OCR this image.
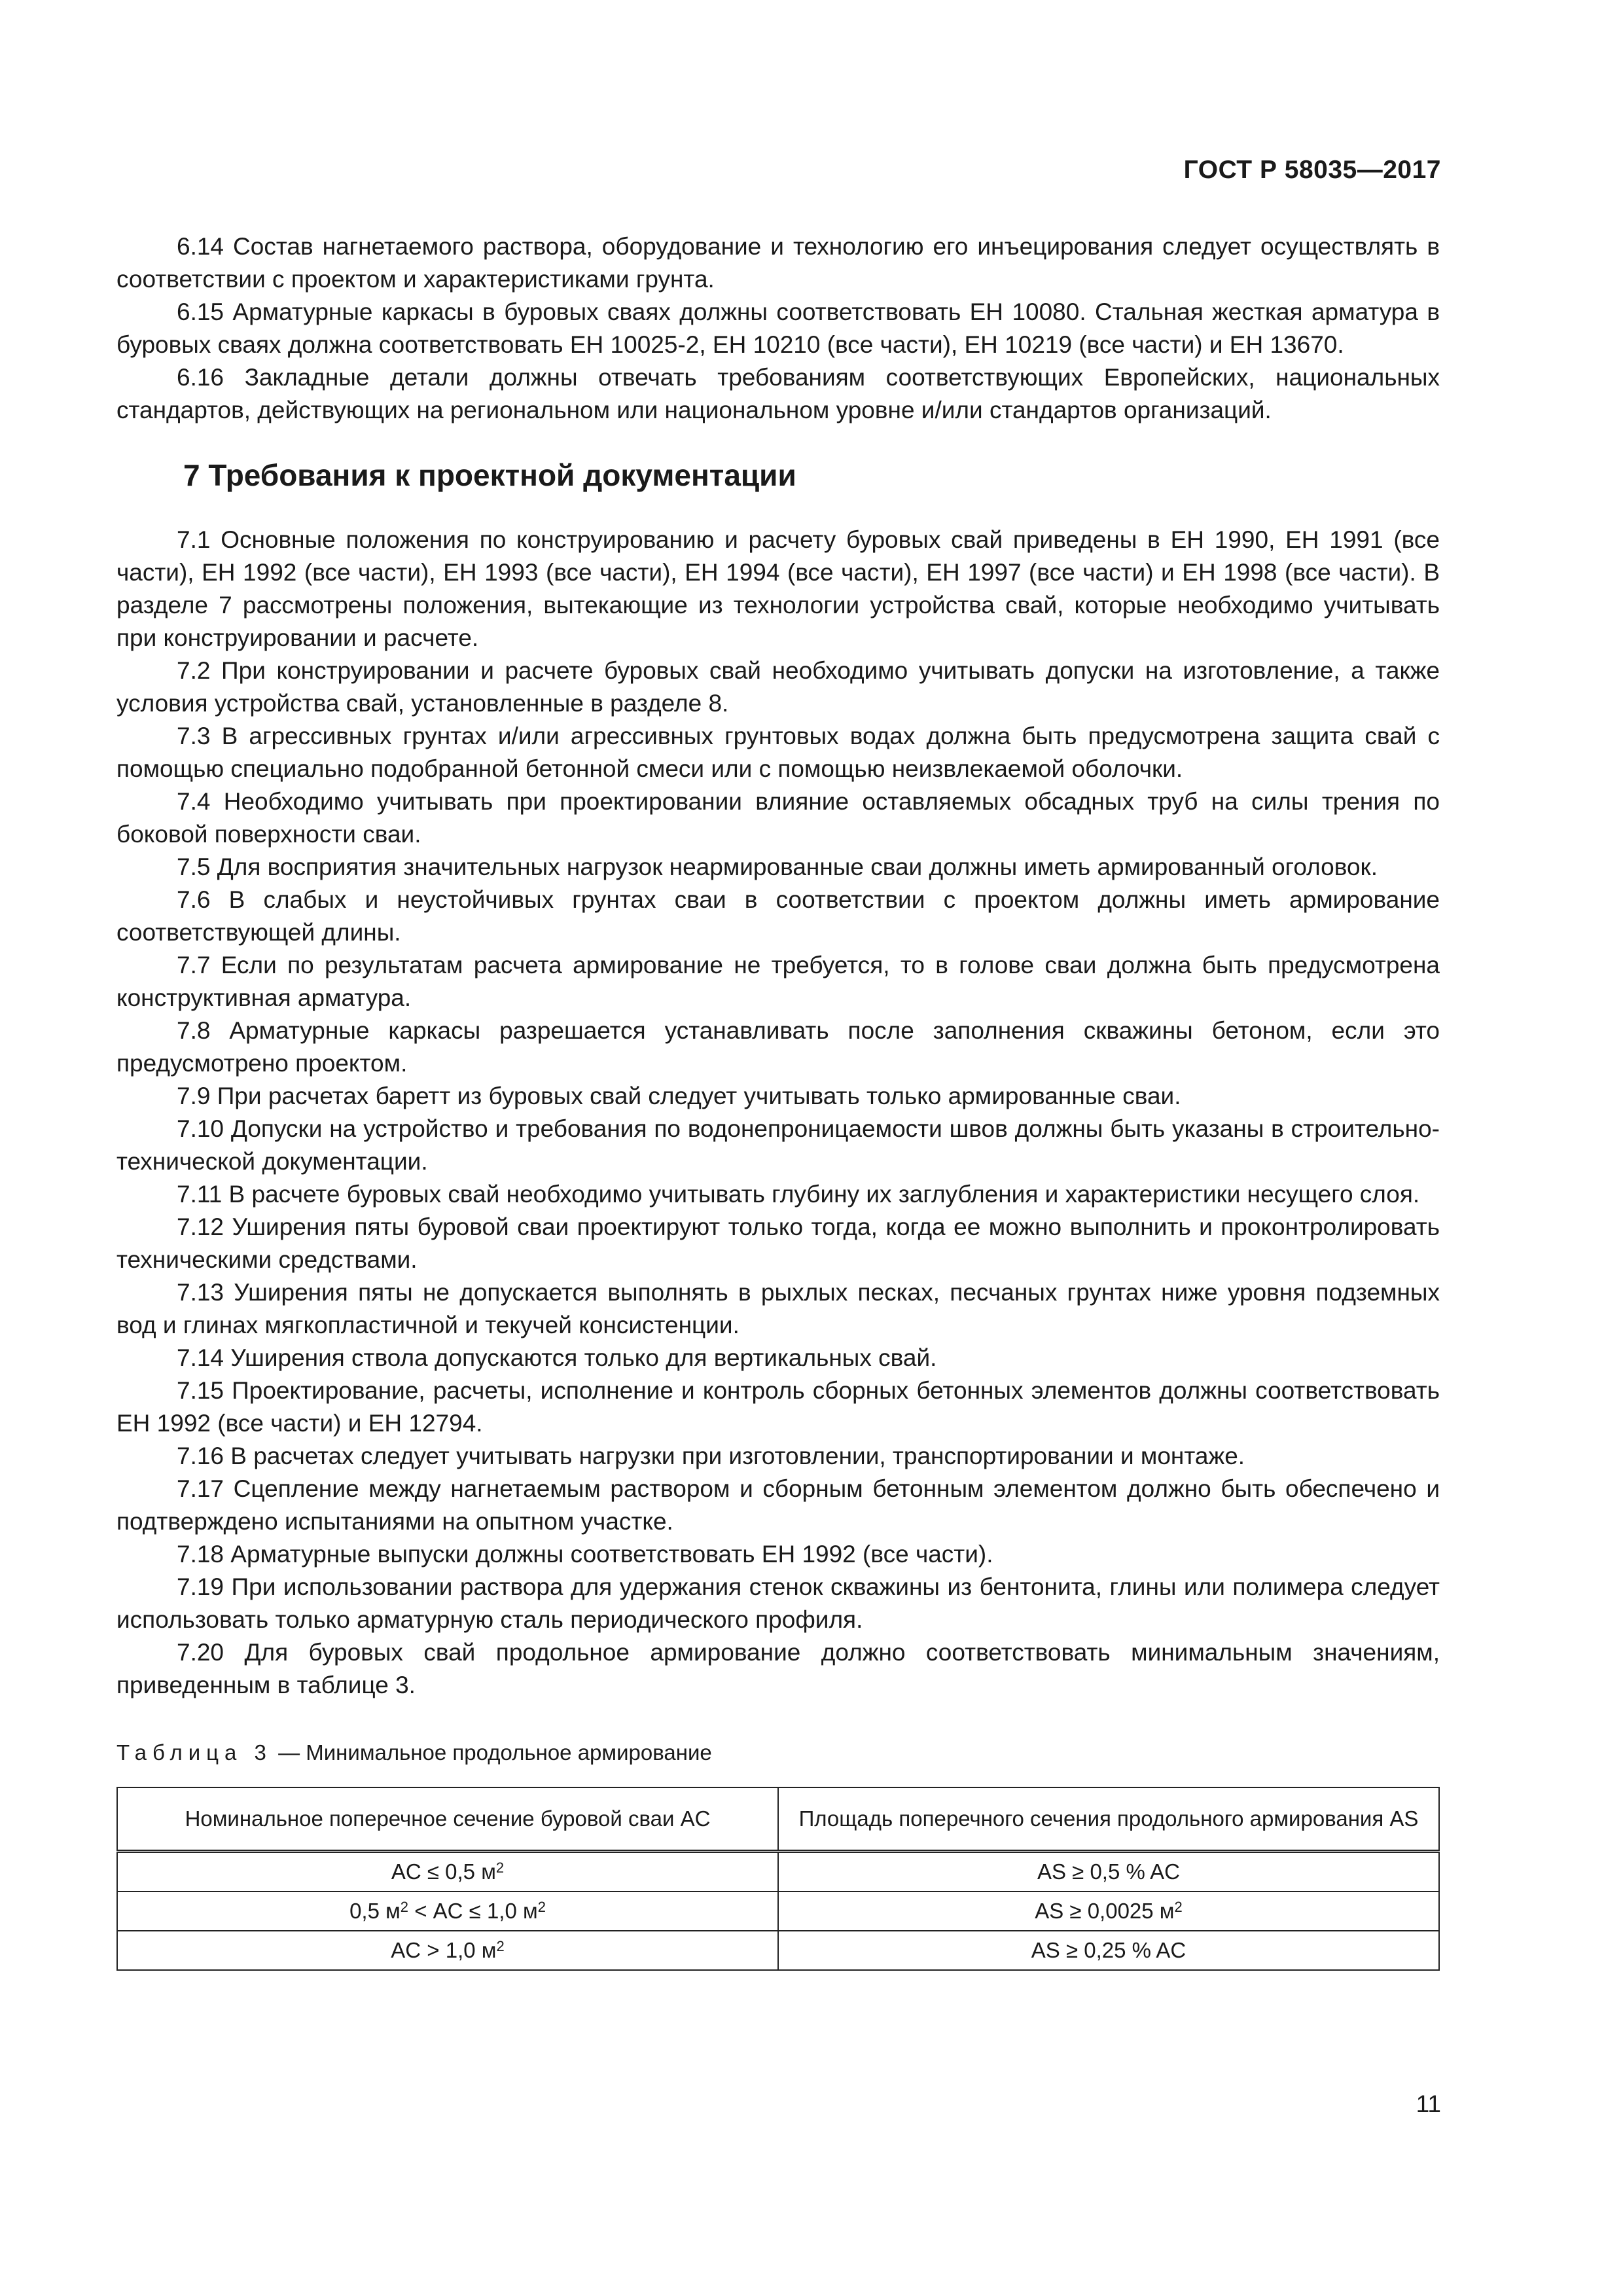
ГОСТ Р 58035—2017

6.14 Состав нагнетаемого раствора, оборудование и технологию его инъецирования следует осуществлять в соответствии с проектом и характеристиками грунта.

6.15 Арматурные каркасы в буровых сваях должны соответствовать ЕН 10080. Стальная жесткая арматура в буровых сваях должна соответствовать ЕН 10025-2, ЕН 10210 (все части), ЕН 10219 (все части) и ЕН 13670.

6.16 Закладные детали должны отвечать требованиям соответствующих Европейских, национальных стандартов, действующих на региональном или национальном уровне и/или стандартов организаций.

7 Требования к проектной документации

7.1 Основные положения по конструированию и расчету буровых свай приведены в ЕН 1990, ЕН 1991 (все части), ЕН 1992 (все части), ЕН 1993 (все части), ЕН 1994 (все части), ЕН 1997 (все части) и ЕН 1998 (все части). В разделе 7 рассмотрены положения, вытекающие из технологии устройства свай, которые необходимо учитывать при конструировании и расчете.

7.2 При конструировании и расчете буровых свай необходимо учитывать допуски на изготовление, а также условия устройства свай, установленные в разделе 8.

7.3 В агрессивных грунтах и/или агрессивных грунтовых водах должна быть предусмотрена защита свай с помощью специально подобранной бетонной смеси или с помощью неизвлекаемой оболочки.

7.4 Необходимо учитывать при проектировании влияние оставляемых обсадных труб на силы трения по боковой поверхности сваи.

7.5 Для восприятия значительных нагрузок неармированные сваи должны иметь армированный оголовок.

7.6 В слабых и неустойчивых грунтах сваи в соответствии с проектом должны иметь армирование соответствующей длины.

7.7 Если по результатам расчета армирование не требуется, то в голове сваи должна быть предусмотрена конструктивная арматура.

7.8 Арматурные каркасы разрешается устанавливать после заполнения скважины бетоном, если это предусмотрено проектом.

7.9 При расчетах баретт из буровых свай следует учитывать только армированные сваи.

7.10 Допуски на устройство и требования по водонепроницаемости швов должны быть указаны в строительно-технической документации.

7.11 В расчете буровых свай необходимо учитывать глубину их заглубления и характеристики несущего слоя.

7.12 Уширения пяты буровой сваи проектируют только тогда, когда ее можно выполнить и проконтролировать техническими средствами.

7.13 Уширения пяты не допускается выполнять в рыхлых песках, песчаных грунтах ниже уровня подземных вод и глинах мягкопластичной и текучей консистенции.

7.14 Уширения ствола допускаются только для вертикальных свай.

7.15 Проектирование, расчеты, исполнение и контроль сборных бетонных элементов должны соответствовать ЕН 1992 (все части) и ЕН 12794.

7.16 В расчетах следует учитывать нагрузки при изготовлении, транспортировании и монтаже.

7.17 Сцепление между нагнетаемым раствором и сборным бетонным элементом должно быть обеспечено и подтверждено испытаниями на опытном участке.

7.18 Арматурные выпуски должны соответствовать ЕН 1992 (все части).

7.19 При использовании раствора для удержания стенок скважины из бентонита, глины или полимера следует использовать только арматурную сталь периодического профиля.

7.20 Для буровых свай продольное армирование должно соответствовать минимальным значениям, приведенным в таблице 3.

Таблица 3 — Минимальное продольное армирование
Номинальное поперечное сечение буровой сваи AC	Площадь поперечного сечения продольного армирования AS
AC ≤ 0,5 $м^2$	AS ≥ 0,5 % AC
0,5 $м^2$ < AC ≤ 1,0 $м^2$	AS ≥ 0,0025 $м^2$
AC > 1,0 $м^2$	AS ≥ 0,25 % AC
11
